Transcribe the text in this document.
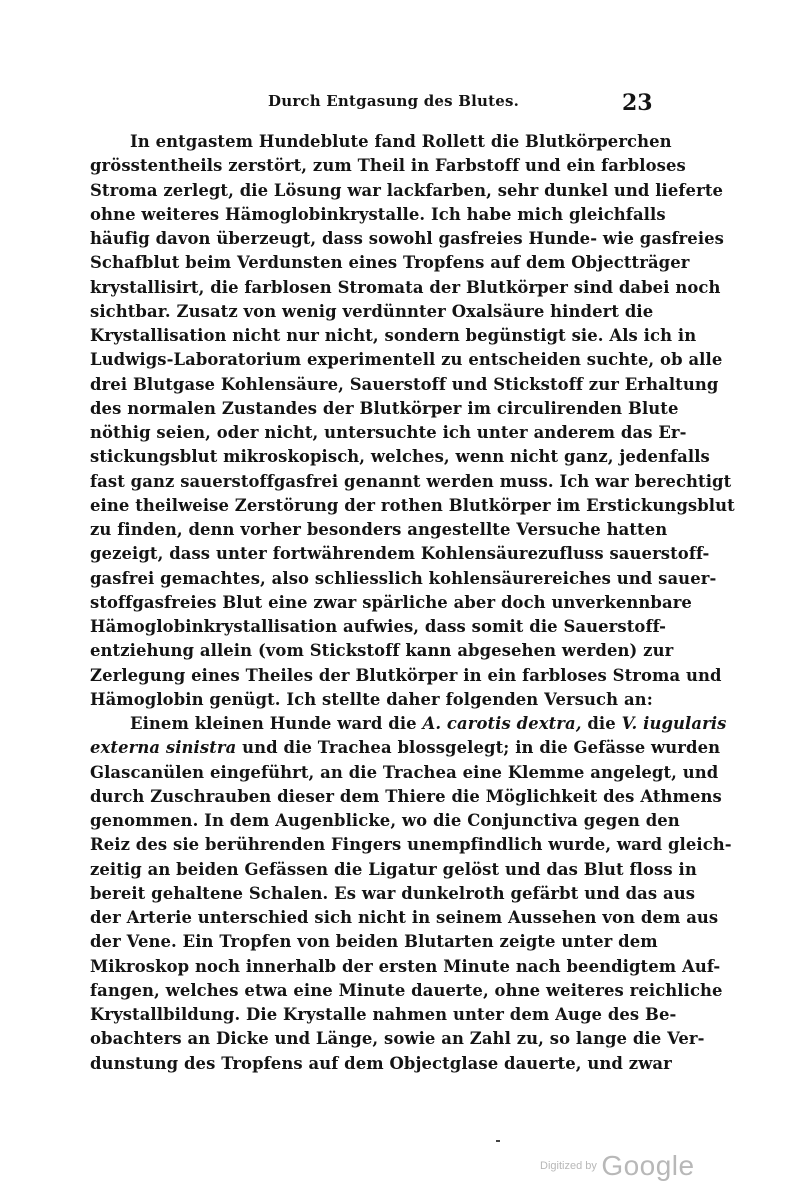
Durch Entgasung des Blutes.	23
In entgastem Hundeblute fand Rollett die Blutkörperchen
grösstentheils zerstört, zum Theil in Farbstoff und ein farbloses
Stroma zerlegt, die Lösung war lackfarben, sehr dunkel und lieferte
ohne weiteres Hämoglobinkrystalle. Ich habe mich gleichfalls
häufig davon überzeugt, dass sowohl gasfreies Hunde- wie gasfreies
Schafblut beim Verdunsten eines Tropfens auf dem Objectträger
krystallisirt, die farblosen Stromata der Blutkörper sind dabei noch
sichtbar. Zusatz von wenig verdünnter Oxalsäure hindert die
Krystallisation nicht nur nicht, sondern begünstigt sie. Als ich in
Ludwigs-Laboratorium experimentell zu entscheiden suchte, ob alle
drei Blutgase Kohlensäure, Sauerstoff und Stickstoff zur Erhaltung
des normalen Zustandes der Blutkörper im circulirenden Blute
nöthig seien, oder nicht, untersuchte ich unter anderem das Er-
stickungsblut mikroskopisch, welches, wenn nicht ganz, jedenfalls
fast ganz sauerstoffgasfrei genannt werden muss. Ich war berechtigt
eine theilweise Zerstörung der rothen Blutkörper im Erstickungsblut
zu finden, denn vorher besonders angestellte Versuche hatten
gezeigt, dass unter fortwährendem Kohlensäurezufluss sauerstoff-
gasfrei gemachtes, also schliesslich kohlensäurereiches und sauer-
stoffgasfreies Blut eine zwar spärliche aber doch unverkennbare
Hämoglobinkrystallisation aufwies, dass somit die Sauerstoff-
entziehung allein (vom Stickstoff kann abgesehen werden) zur
Zerlegung eines Theiles der Blutkörper in ein farbloses Stroma und
Hämoglobin genügt. Ich stellte daher folgenden Versuch an:
Einem kleinen Hunde ward die A. carotis dextra, die V. iugularis
externa sinistra und die Trachea blossgelegt; in die Gefässe wurden
Glascanülen eingeführt, an die Trachea eine Klemme angelegt, und
durch Zuschrauben dieser dem Thiere die Möglichkeit des Athmens
genommen. In dem Augenblicke, wo die Conjunctiva gegen den
Reiz des sie berührenden Fingers unempfindlich wurde, ward gleich-
zeitig an beiden Gefässen die Ligatur gelöst und das Blut floss in
bereit gehaltene Schalen. Es war dunkelroth gefärbt und das aus
der Arterie unterschied sich nicht in seinem Aussehen von dem aus
der Vene. Ein Tropfen von beiden Blutarten zeigte unter dem
Mikroskop noch innerhalb der ersten Minute nach beendigtem Auf-
fangen, welches etwa eine Minute dauerte, ohne weiteres reichliche
Krystallbildung. Die Krystalle nahmen unter dem Auge des Be-
obachters an Dicke und Länge, sowie an Zahl zu, so lange die Ver-
dunstung des Tropfens auf dem Objectglase dauerte, und zwar
Digitized by Google
